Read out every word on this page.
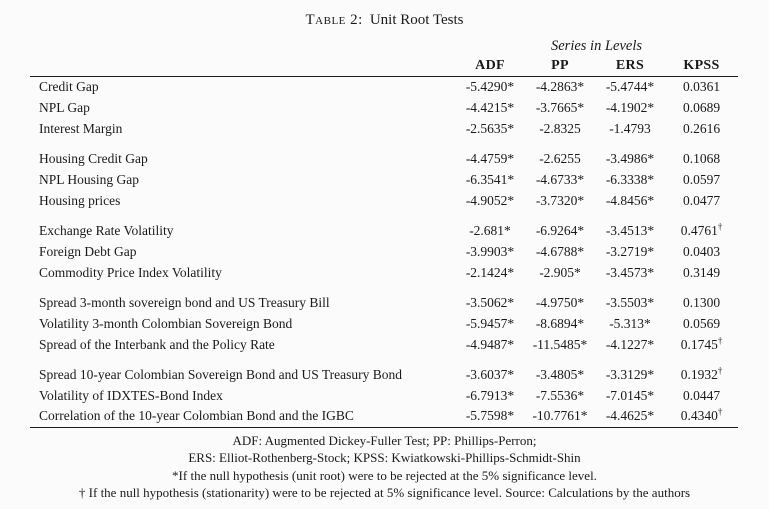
Table 2: Unit Root Tests
	Series in Levels			
	ADF	PP	ERS	KPSS
Credit Gap	-5.4290*	-4.2863*	-5.4744*	0.0361
NPL Gap	-4.4215*	-3.7665*	-4.1902*	0.0689
Interest Margin	-2.5635*	-2.8325	-1.4793	0.2616

Housing Credit Gap	-4.4759*	-2.6255	-3.4986*	0.1068
NPL Housing Gap	-6.3541*	-4.6733*	-6.3338*	0.0597
Housing prices	-4.9052*	-3.7320*	-4.8456*	0.0477

Exchange Rate Volatility	-2.681*	-6.9264*	-3.4513*	0.4761†
Foreign Debt Gap	-3.9903*	-4.6788*	-3.2719*	0.0403
Commodity Price Index Volatility	-2.1424*	-2.905*	-3.4573*	0.3149

Spread 3-month sovereign bond and US Treasury Bill	-3.5062*	-4.9750*	-3.5503*	0.1300
Volatility 3-month Colombian Sovereign Bond	-5.9457*	-8.6894*	-5.313*	0.0569
Spread of the Interbank and the Policy Rate	-4.9487*	-11.5485*	-4.1227*	0.1745†

Spread 10-year Colombian Sovereign Bond and US Treasury Bond	-3.6037*	-3.4805*	-3.3129*	0.1932†
Volatility of IDXTES-Bond Index	-6.7913*	-7.5536*	-7.0145*	0.0447
Correlation of the 10-year Colombian Bond and the IGBC	-5.7598*	-10.7761*	-4.4625*	0.4340†
ADF: Augmented Dickey-Fuller Test; PP: Phillips-Perron;
ERS: Elliot-Rothenberg-Stock; KPSS: Kwiatkowski-Phillips-Schmidt-Shin
*If the null hypothesis (unit root) were to be rejected at the 5% significance level.
† If the null hypothesis (stationarity) were to be rejected at 5% significance level. Source: Calculations by the authors
